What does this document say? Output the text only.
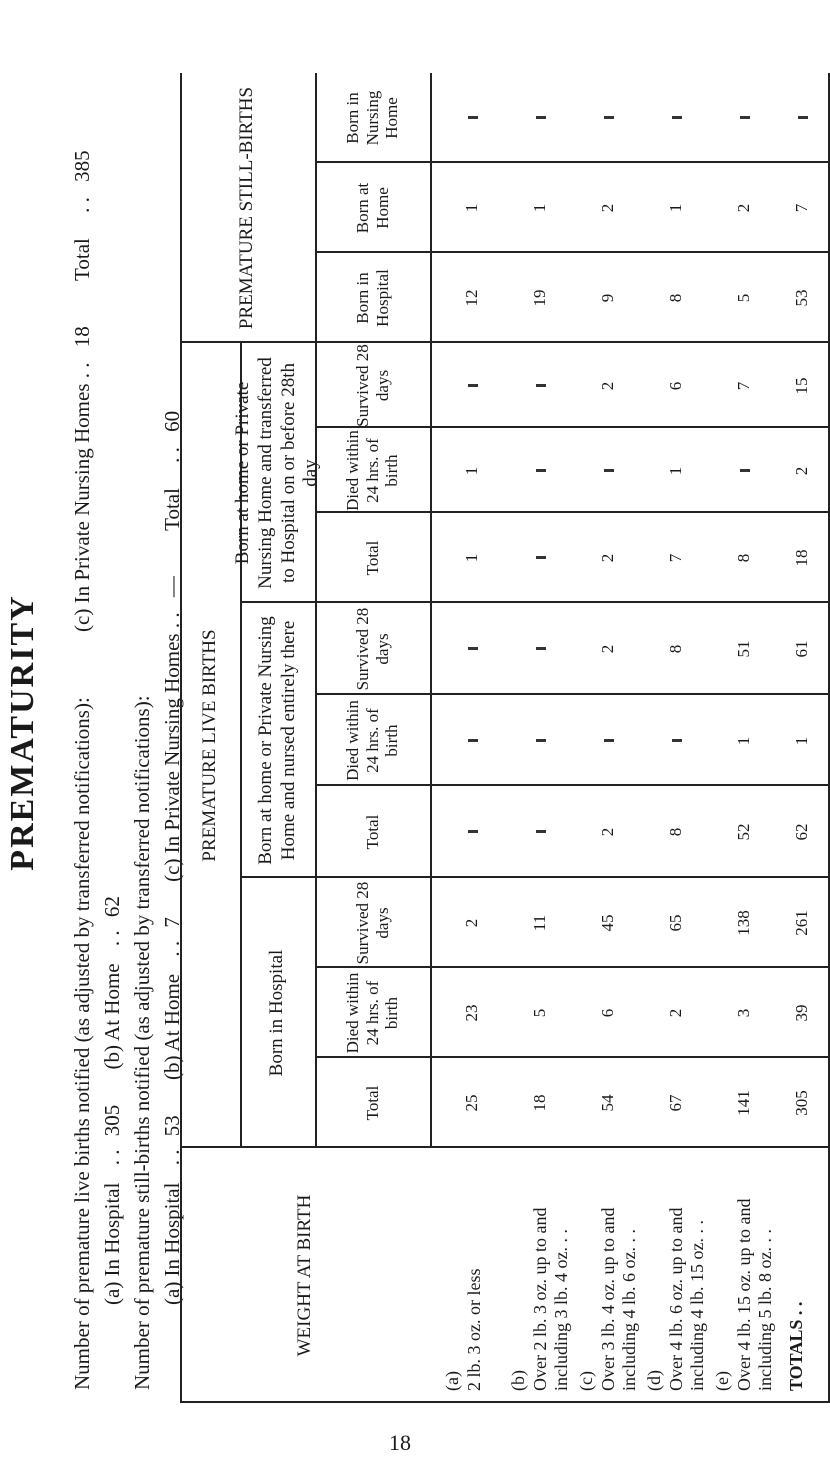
PREMATURITY Number of premature live births notified (as adjusted by transferred notifications): (c) In Private Nursing Homes . . 18 Total . . 385
(a) In Hospital . . 305 (b) At Home . . 62 Number of premature still-births notified (as adjusted by transferred notifications): (a) In Hospital . . 53 (b) At Home . . 7 (c) In Private Nursing Homes . . — Total . . 60
WEIGHT AT BIRTH
PREMATURE LIVE BIRTHS
PREMATURE STILL-BIRTHS
Born in Hospital
Born at home or Private Nursing Home and nursed entirely there
Born at home or Private Nursing Home and transferred to Hospital on or before 28th day
Total
Died within 24 hrs. of birth
Survived 28 days
Total
Died within 24 hrs. of birth
Survived 28 days
Total
Died within 24 hrs. of birth
Survived 28 days
Born in Hospital
Born at Home
Born in Nursing Home
(a)
2 lb. 3 oz. or less (b)
Over 2 lb. 3 oz. up to and including 3 lb. 4 oz. . . (c)
Over 3 lb. 4 oz. up to and including 4 lb. 6 oz. . . (d)
Over 4 lb. 6 oz. up to and including 4 lb. 15 oz. . . (e)
Over 4 lb. 15 oz. up to and including 5 lb. 8 oz. . . TOTALS . .
25
23
2
1
1
12
1
18
5
11
19
1
54
6
45
2
2
2
2
9
2
67
2
65
8
8
7
1
6
8
1
141
3
138
52
1
51
8
7
5
2
305
39
261
62
1
61
18
2
15
53
7
18
